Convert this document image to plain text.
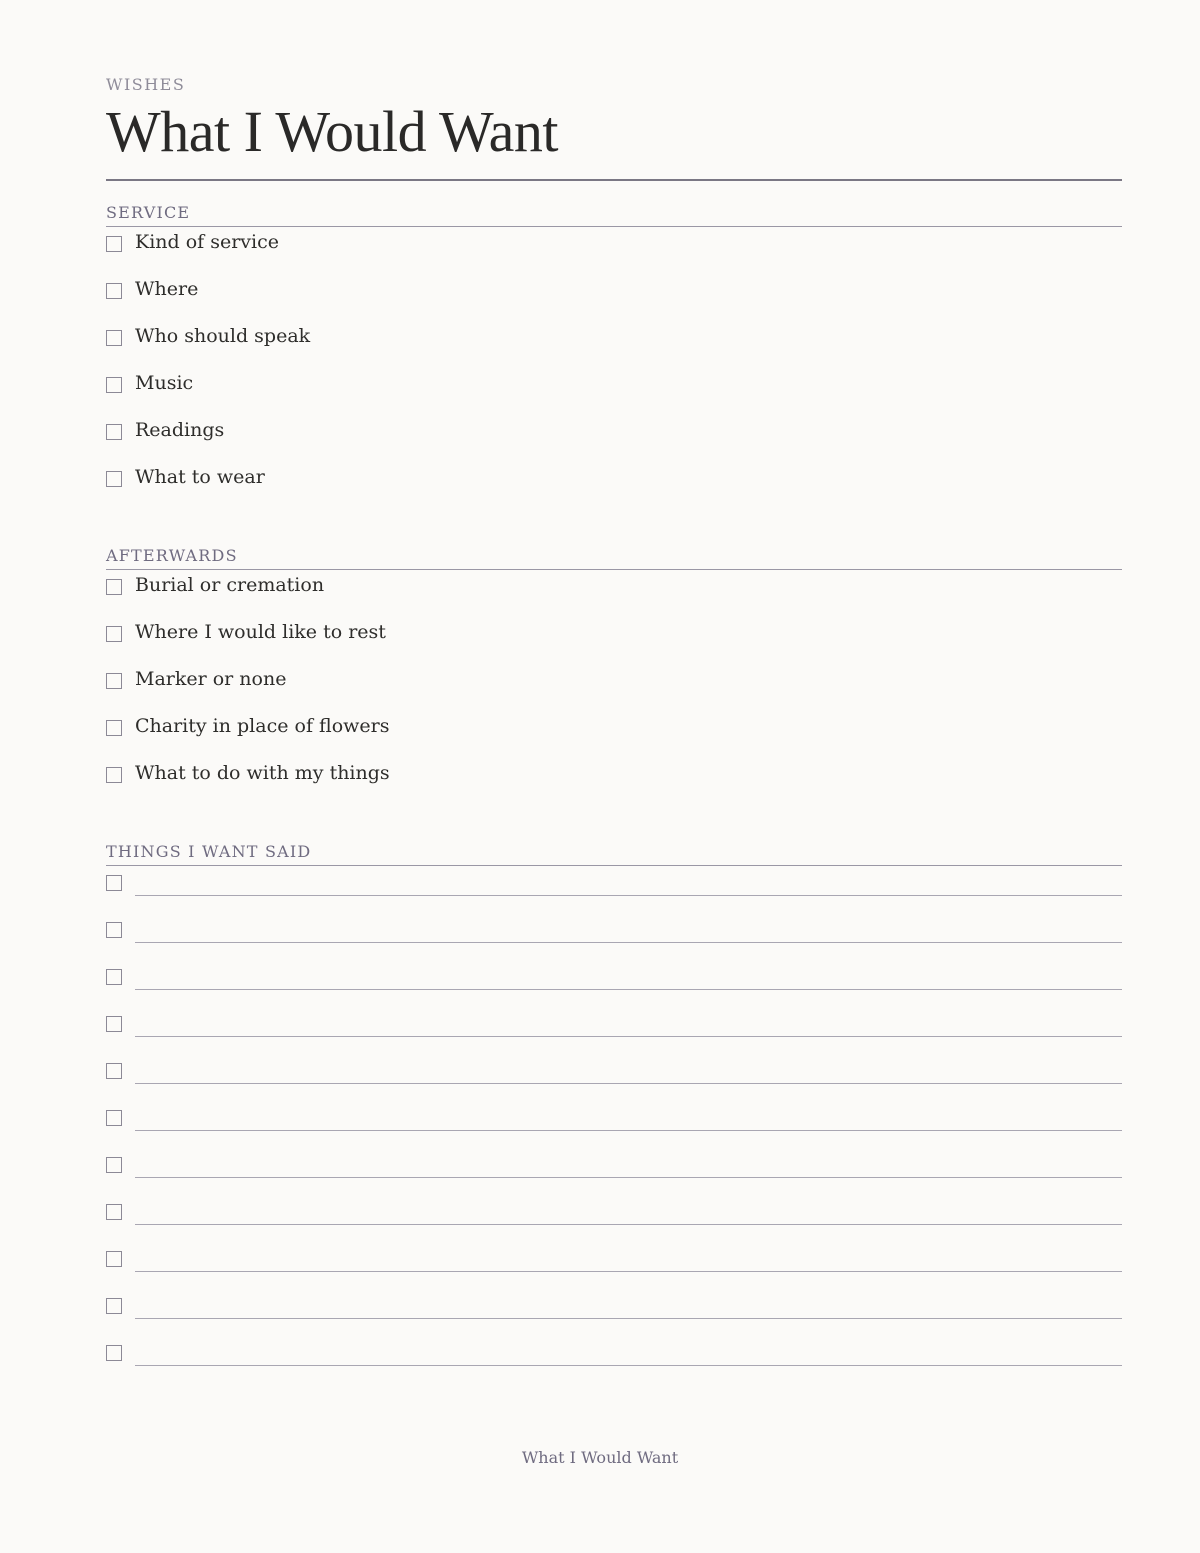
WISHES
What I Would Want
SERVICE
Kind of service
Where
Who should speak
Music
Readings
What to wear
AFTERWARDS
Burial or cremation
Where I would like to rest
Marker or none
Charity in place of flowers
What to do with my things
THINGS I WANT SAID
What I Would Want
